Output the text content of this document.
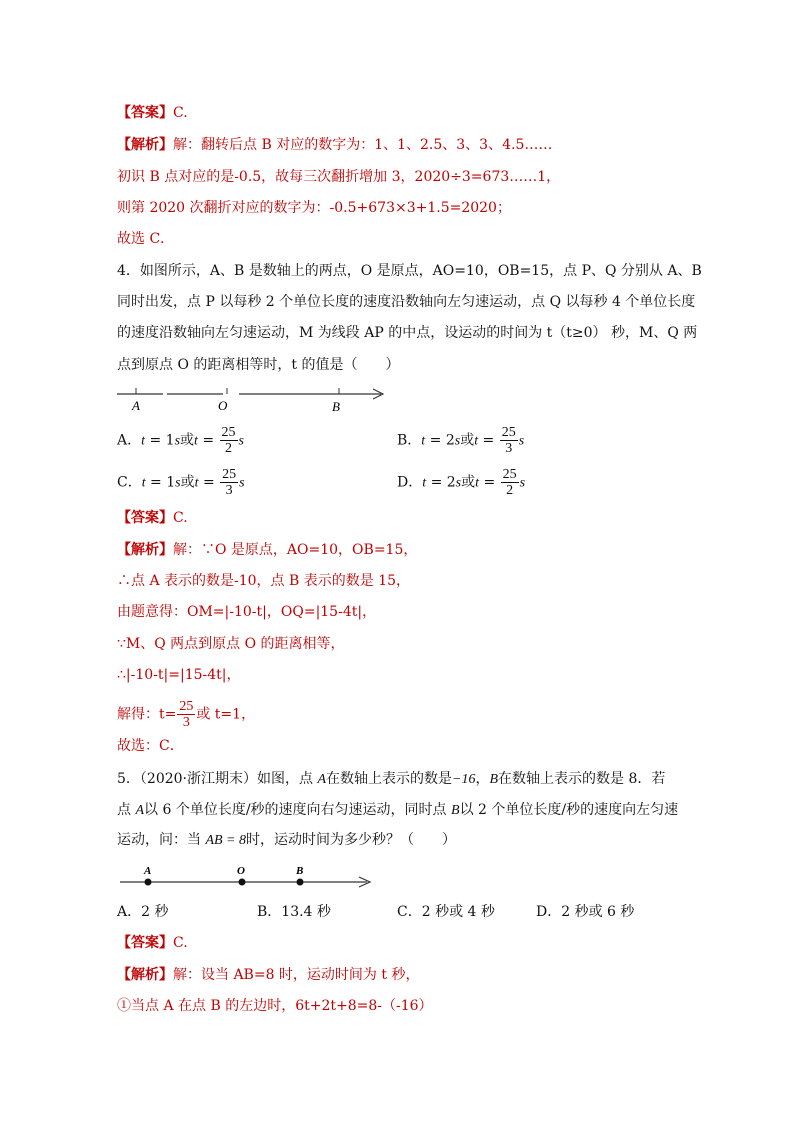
【答案】C.
【解析】解：翻转后点 B 对应的数字为：1、1、2.5、3、3、4.5……
初识 B 点对应的是-0.5，故每三次翻折增加 3，2020÷3=673……1，
则第 2020 次翻折对应的数字为：-0.5+673×3+1.5=2020；
故选 C．
4．如图所示，A、B 是数轴上的两点，O 是原点，AO=10，OB=15，点 P、Q 分别从 A、B
同时出发，点 P 以每秒 2 个单位长度的速度沿数轴向左匀速运动，点 Q 以每秒 4 个单位长度
的速度沿数轴向左匀速运动，M 为线段 AP 的中点，设运动的时间为 t（t≥0） 秒，M、Q 两
点到原点 O 的距离相等时，t 的值是（　　）
A	O	B
A．t = 1s或$t = \frac{25}{2}$ s	B．t = 2s或$t = \frac{25}{3}$ s
C．t = 1s或$t = \frac{25}{3}$ s	D．t = 2s或$t = \frac{25}{2}$ s
【答案】C.
【解析】解：∵O 是原点，AO=10，OB=15，
∴点 A 表示的数是-10，点 B 表示的数是 15，
由题意得：OM=|-10-t|，OQ=|15-4t|，
∵M、Q 两点到原点 O 的距离相等，
∴|-10-t|=|15-4t|，
解得：$t= \frac{25}{3}$ 或 t=1，
故选：C．
5．（2020·浙江期末）如图，点 A在数轴上表示的数是−16，B在数轴上表示的数是 8．若
点 A以 6 个单位长度/秒的速度向右匀速运动，同时点 B以 2 个单位长度/秒的速度向左匀速
运动，问：当 AB = 8时，运动时间为多少秒？（　　）
A	O	B
A．2 秒	B．13.4 秒	C．2 秒或 4 秒	D．2 秒或 6 秒
【答案】C.
【解析】解：设当 AB=8 时，运动时间为 t 秒，
①当点 A 在点 B 的左边时，6t+2t+8=8-（-16）
